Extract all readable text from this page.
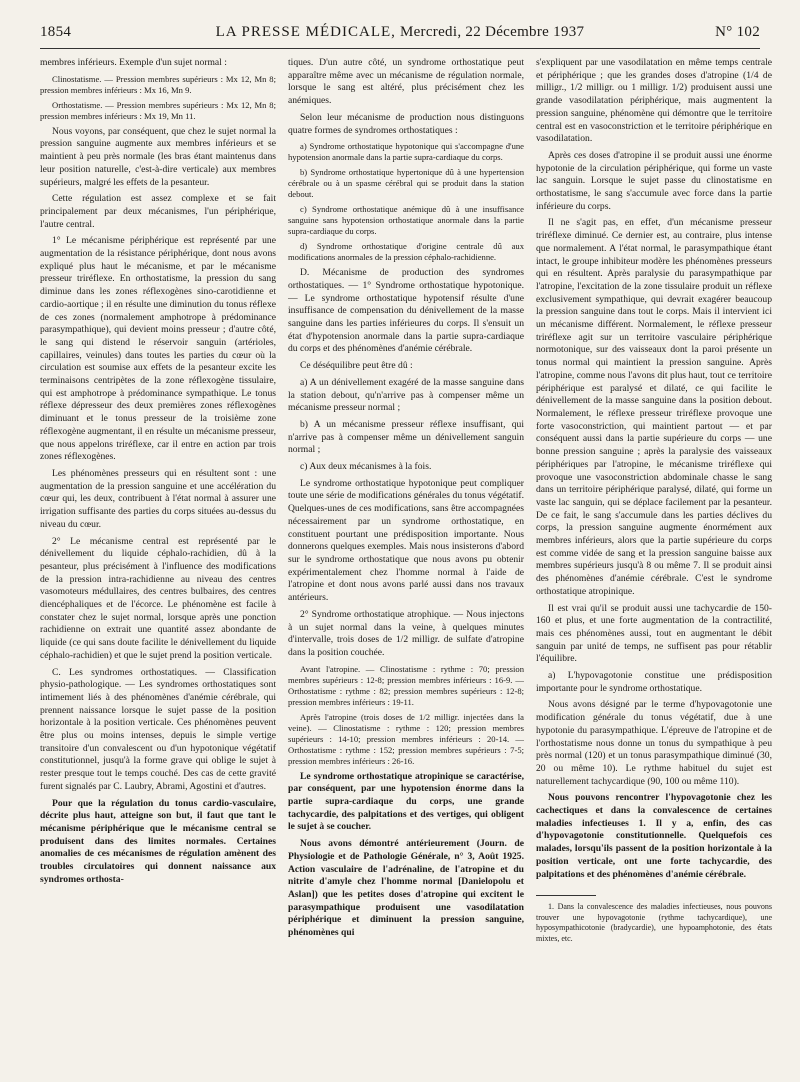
1854	LA PRESSE MÉDICALE, Mercredi, 22 Décembre 1937	N° 102

membres inférieurs. Exemple d'un sujet normal :

Clinostatisme. — Pression membres supérieurs : Mx 12, Mn 8; pression membres inférieurs : Mx 16, Mn 9.

Orthostatisme. — Pression membres supérieurs : Mx 12, Mn 8; pression membres inférieurs : Mx 19, Mn 11.

Nous voyons, par conséquent, que chez le sujet normal la pression sanguine augmente aux membres inférieurs et se maintient à peu près normale (les bras étant maintenus dans leur position naturelle, c'est-à-dire verticale) aux membres supérieurs, malgré les effets de la pesanteur.

Cette régulation est assez complexe et se fait principalement par deux mécanismes, l'un périphérique, l'autre central.

1° Le mécanisme périphérique est représenté par une augmentation de la résistance périphérique, dont nous avons expliqué plus haut le mécanisme, et par le mécanisme presseur triréflexe. En orthostatisme, la pression du sang diminue dans les zones réflexogènes sino-carotidienne et cardio-aortique ; il en résulte une diminution du tonus réflexe de ces zones (normalement amphotrope à prédominance parasympathique), qui devient moins presseur ; d'autre côté, le sang qui distend le réservoir sanguin (artérioles, capillaires, veinules) dans toutes les parties du cœur où la circulation est soumise aux effets de la pesanteur excite les terminaisons centripètes de la zone réflexogène tissulaire, qui est amphotrope à prédominance sympathique. Le tonus réflexe dépresseur des deux premières zones réflexogènes diminuant et le tonus presseur de la troisième zone réflexogène augmentant, il en résulte un mécanisme presseur, que nous appelons triréflexe, car il entre en action par trois zones réflexogènes.

Les phénomènes presseurs qui en résultent sont : une augmentation de la pression sanguine et une accélération du cœur qui, les deux, contribuent à l'état normal à assurer une irrigation suffisante des parties du corps situées au-dessus du niveau du cœur.

2° Le mécanisme central est représenté par le dénivellement du liquide céphalo-rachidien, dû à la pesanteur, plus précisément à l'influence des modifications de la pression intra-rachidienne au niveau des centres vasomoteurs médullaires, des centres bulbaires, des centres diencéphaliques et de l'écorce. Le phénomène est facile à constater chez le sujet normal, lorsque après une ponction rachidienne on extrait une quantité assez abondante de liquide (ce qui sans doute facilite le dénivellement du liquide céphalo-rachidien) et que le sujet prend la position verticale.

C. Les syndromes orthostatiques. — Classification physio-pathologique. — Les syndromes orthostatiques sont intimement liés à des phénomènes d'anémie cérébrale, qui prennent naissance lorsque le sujet passe de la position horizontale à la position verticale. Ces phénomènes peuvent être plus ou moins intenses, depuis le simple vertige transitoire d'un convalescent ou d'un hypotonique végétatif constitutionnel, jusqu'à la forme grave qui oblige le sujet à rester presque tout le temps couché. Des cas de cette gravité furent signalés par C. Laubry, Abrami, Agostini et d'autres.

Pour que la régulation du tonus cardio-vasculaire, décrite plus haut, atteigne son but, il faut que tant le mécanisme périphérique que le mécanisme central se produisent dans des limites normales. Certaines anomalies de ces mécanismes de régulation amènent des troubles circulatoires qui donnent naissance aux syndromes orthosta-

tiques. D'un autre côté, un syndrome orthostatique peut apparaître même avec un mécanisme de régulation normale, lorsque le sang est altéré, plus précisément chez les anémiques.

Selon leur mécanisme de production nous distinguons quatre formes de syndromes orthostatiques :

a) Syndrome orthostatique hypotonique qui s'accompagne d'une hypotension anormale dans la partie supra-cardiaque du corps.

b) Syndrome orthostatique hypertonique dû à une hypertension cérébrale ou à un spasme cérébral qui se produit dans la station debout.

c) Syndrome orthostatique anémique dû à une insuffisance sanguine sans hypotension orthostatique anormale dans la partie supra-cardiaque du corps.

d) Syndrome orthostatique d'origine centrale dû aux modifications anormales de la pression céphalo-rachidienne.

D. Mécanisme de production des syndromes orthostatiques. — 1° Syndrome orthostatique hypotonique. — Le syndrome orthostatique hypotensif résulte d'une insuffisance de compensation du dénivellement de la masse sanguine dans les parties inférieures du corps. Il s'ensuit un état d'hypotension anormale dans la partie supra-cardiaque du corps et des phénomènes d'anémie cérébrale.

Ce déséquilibre peut être dû :

a) A un dénivellement exagéré de la masse sanguine dans la station debout, qu'n'arrive pas à compenser même un mécanisme presseur normal ;

b) A un mécanisme presseur réflexe insuffisant, qui n'arrive pas à compenser même un dénivellement sanguin normal ;

c) Aux deux mécanismes à la fois.

Le syndrome orthostatique hypotonique peut compliquer toute une série de modifications générales du tonus végétatif. Quelques-unes de ces modifications, sans être accompagnées nécessairement par un syndrome orthostatique, en constituent pourtant une prédisposition importante. Nous donnerons quelques exemples. Mais nous insisterons d'abord sur le syndrome orthostatique que nous avons pu obtenir expérimentalement chez l'homme normal à l'aide de l'atropine et dont nous avons parlé aussi dans nos travaux antérieurs.

2° Syndrome orthostatique atrophique. — Nous injectons à un sujet normal dans la veine, à quelques minutes d'intervalle, trois doses de 1/2 milligr. de sulfate d'atropine dans la position couchée.

Avant l'atropine. — Clinostatisme : rythme : 70; pression membres supérieurs : 12-8; pression membres inférieurs : 16-9. — Orthostatisme : rythme : 82; pression membres supérieurs : 12-8; pression membres inférieurs : 19-11.

Après l'atropine (trois doses de 1/2 milligr. injectées dans la veine). — Clinostatisme : rythme : 120; pression membres supérieurs : 14-10; pression membres inférieurs : 20-14. — Orthostatisme : rythme : 152; pression membres supérieurs : 7-5; pression membres inférieurs : 26-16.

Le syndrome orthostatique atropinique se caractérise, par conséquent, par une hypotension énorme dans la partie supra-cardiaque du corps, une grande tachycardie, des palpitations et des vertiges, qui obligent le sujet à se coucher.

Nous avons démontré antérieurement (Journ. de Physiologie et de Pathologie Générale, n° 3, Août 1925. Action vasculaire de l'adrénaline, de l'atropine et du nitrite d'amyle chez l'homme normal [Danielopolu et Aslan]) que les petites doses d'atropine qui excitent le parasympathique produisent une vasodilatation périphérique et diminuent la pression sanguine, phénomènes qui

s'expliquent par une vasodilatation en même temps centrale et périphérique ; que les grandes doses d'atropine (1/4 de milligr., 1/2 milligr. ou 1 milligr. 1/2) produisent aussi une grande vasodilatation périphérique, mais augmentent la pression sanguine, phénomène qui démontre que le territoire central est en vasoconstriction et le territoire périphérique en vasodilatation.

Après ces doses d'atropine il se produit aussi une énorme hypotonie de la circulation périphérique, qui forme un vaste lac sanguin. Lorsque le sujet passe du clinostatisme en orthostatisme, le sang s'accumule avec force dans la partie inférieure du corps.

Il ne s'agit pas, en effet, d'un mécanisme presseur triréflexe diminué. Ce dernier est, au contraire, plus intense que normalement. A l'état normal, le parasympathique étant intact, le groupe inhibiteur modère les phénomènes presseurs qui en résultent. Après paralysie du parasympathique par l'atropine, l'excitation de la zone tissulaire produit un réflexe exclusivement sympathique, qui devrait exagérer beaucoup la pression sanguine dans tout le corps. Mais il intervient ici un mécanisme différent. Normalement, le réflexe presseur triréflexe agit sur un territoire vasculaire périphérique normotonique, sur des vaisseaux dont la paroi présente un tonus normal qui maintient la pression sanguine. Après l'atropine, comme nous l'avons dit plus haut, tout ce territoire périphérique est paralysé et dilaté, ce qui facilite le dénivellement de la masse sanguine dans la position debout. Normalement, le réflexe presseur triréflexe provoque une forte vasoconstriction, qui maintient partout — et par conséquent aussi dans la partie supérieure du corps — une bonne pression sanguine ; après la paralysie des vaisseaux périphériques par l'atropine, le mécanisme triréflexe qui provoque une vasoconstriction abdominale chasse le sang dans un territoire périphérique paralysé, dilaté, qui forme un vaste lac sanguin, qui se déplace facilement par la pesanteur. De ce fait, le sang s'accumule dans les parties déclives du corps, la pression sanguine augmente énormément aux membres inférieurs, alors que la partie supérieure du corps est comme vidée de sang et la pression sanguine baisse aux membres supérieurs jusqu'à 8 ou même 7. Il se produit ainsi des phénomènes d'anémie cérébrale. C'est le syndrome orthostatique atropinique.

Il est vrai qu'il se produit aussi une tachycardie de 150-160 et plus, et une forte augmentation de la contractilité, mais ces phénomènes aussi, tout en augmentant le débit sanguin par unité de temps, ne suffisent pas pour rétablir l'équilibre.

a) L'hypovagotonie constitue une prédisposition importante pour le syndrome orthostatique.

Nous avons désigné par le terme d'hypovagotonie une modification générale du tonus végétatif, due à une hypotonie du parasympathique. L'épreuve de l'atropine et de l'orthostatisme nous donne un tonus du sympathique à peu près normal (120) et un tonus parasympathique diminué (30, 20 ou même 10). Le rythme habituel du sujet est naturellement tachycardique (90, 100 ou même 110).

Nous pouvons rencontrer l'hypovagotonie chez les cachectiques et dans la convalescence de certaines maladies infectieuses 1. Il y a, enfin, des cas d'hypovagotonie constitutionnelle. Quelquefois ces malades, lorsqu'ils passent de la position horizontale à la position verticale, ont une forte tachycardie, des palpitations et des phénomènes d'anémie cérébrale.

1. Dans la convalescence des maladies infectieuses, nous pouvons trouver une hypovagotonie (rythme tachycardique), une hyposympathicotonie (bradycardie), une hypoamphotonie, des états mixtes, etc.
